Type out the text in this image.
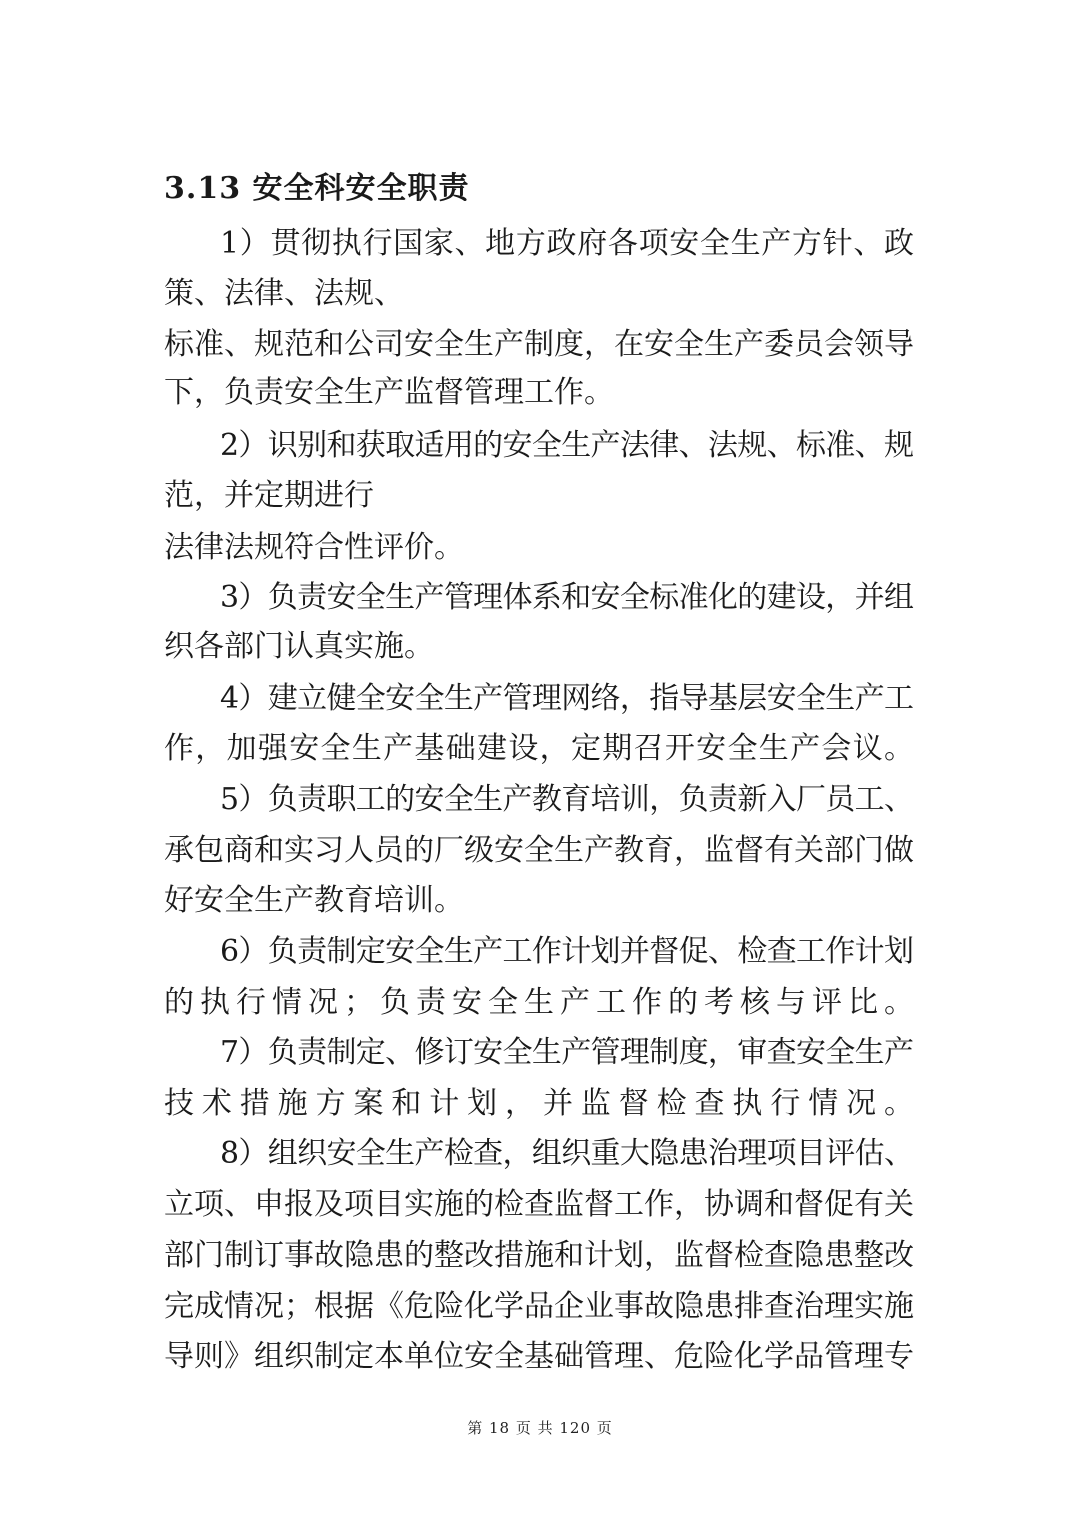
3.13 安全科安全职责
1）贯彻执行国家、地方政府各项安全生产方针、政
策、法律、法规、
标准、规范和公司安全生产制度，在安全生产委员会领导
下，负责安全生产监督管理工作。
2）识别和获取适用的安全生产法律、法规、标准、规
范，并定期进行
法律法规符合性评价。
3）负责安全生产管理体系和安全标准化的建设，并组
织各部门认真实施。
4）建立健全安全生产管理网络，指导基层安全生产工
作，加强安全生产基础建设，定期召开安全生产会议。
5）负责职工的安全生产教育培训，负责新入厂员工、
承包商和实习人员的厂级安全生产教育，监督有关部门做
好安全生产教育培训。
6）负责制定安全生产工作计划并督促、检查工作计划
的执行情况；负责安全生产工作的考核与评比。
7）负责制定、修订安全生产管理制度，审查安全生产
技术措施方案和计划，并监督检查执行情况。
8）组织安全生产检查，组织重大隐患治理项目评估、
立项、申报及项目实施的检查监督工作，协调和督促有关
部门制订事故隐患的整改措施和计划，监督检查隐患整改
完成情况；根据《危险化学品企业事故隐患排查治理实施
导则》组织制定本单位安全基础管理、危险化学品管理专
第 18 页 共 120 页
